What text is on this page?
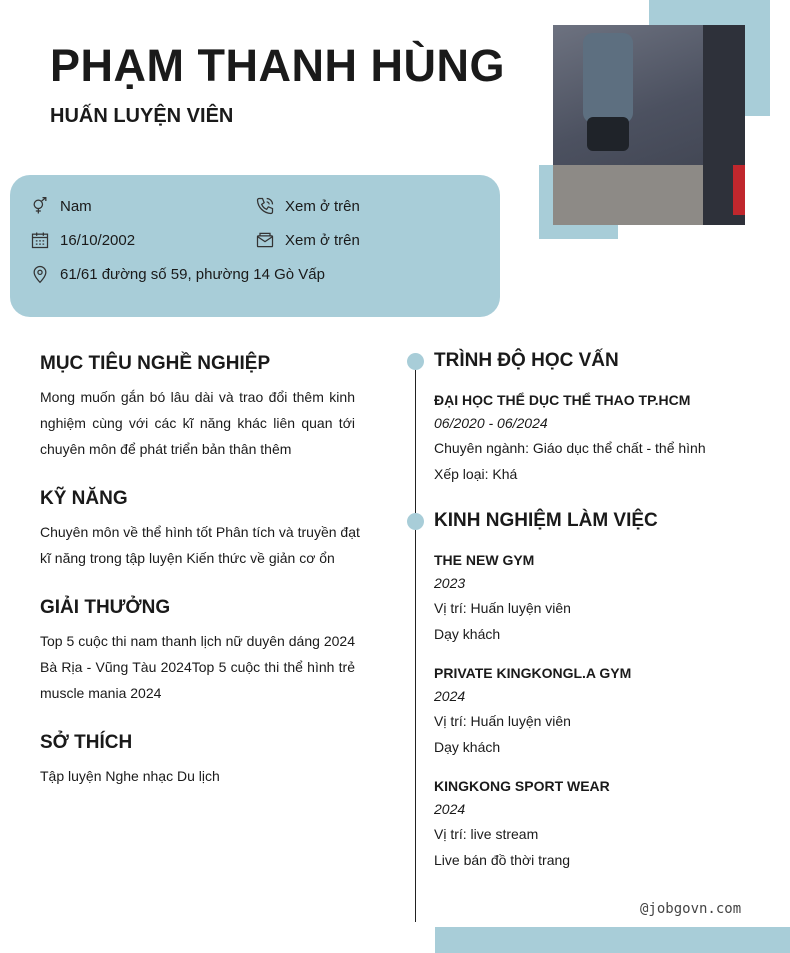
PHẠM THANH HÙNG
HUẤN LUYỆN VIÊN
Nam	Xem ở trên
16/10/2002	Xem ở trên
61/61 đường số 59, phường 14 Gò Vấp
MỤC TIÊU NGHỀ NGHIỆP

Mong muốn gắn bó lâu dài và trao đổi thêm kinh nghiệm cùng với các kĩ năng khác liên quan tới chuyên môn để phát triển bản thân thêm

KỸ NĂNG

Chuyên môn về thể hình tốt Phân tích và truyền đạt kĩ năng trong tập luyện Kiến thức về giản cơ ổn

GIẢI THƯỞNG

Top 5 cuộc thi nam thanh lịch nữ duyên dáng 2024 Bà Rịa - Vũng Tàu 2024Top 5 cuộc thi thể hình trẻ muscle mania 2024

SỞ THÍCH

Tập luyện Nghe nhạc Du lịch

TRÌNH ĐỘ HỌC VẤN

ĐẠI HỌC THỂ DỤC THỂ THAO TP.HCM

06/2020 - 06/2024

Chuyên ngành: Giáo dục thể chất - thể hình

Xếp loại: Khá

KINH NGHIỆM LÀM VIỆC

THE NEW GYM

2023

Vị trí: Huấn luyện viên

Dạy khách

PRIVATE KINGKONGL.A GYM

2024

Vị trí: Huấn luyện viên

Dạy khách

KINGKONG SPORT WEAR

2024

Vị trí: live stream

Live bán đồ thời trang

@jobgovn.com
